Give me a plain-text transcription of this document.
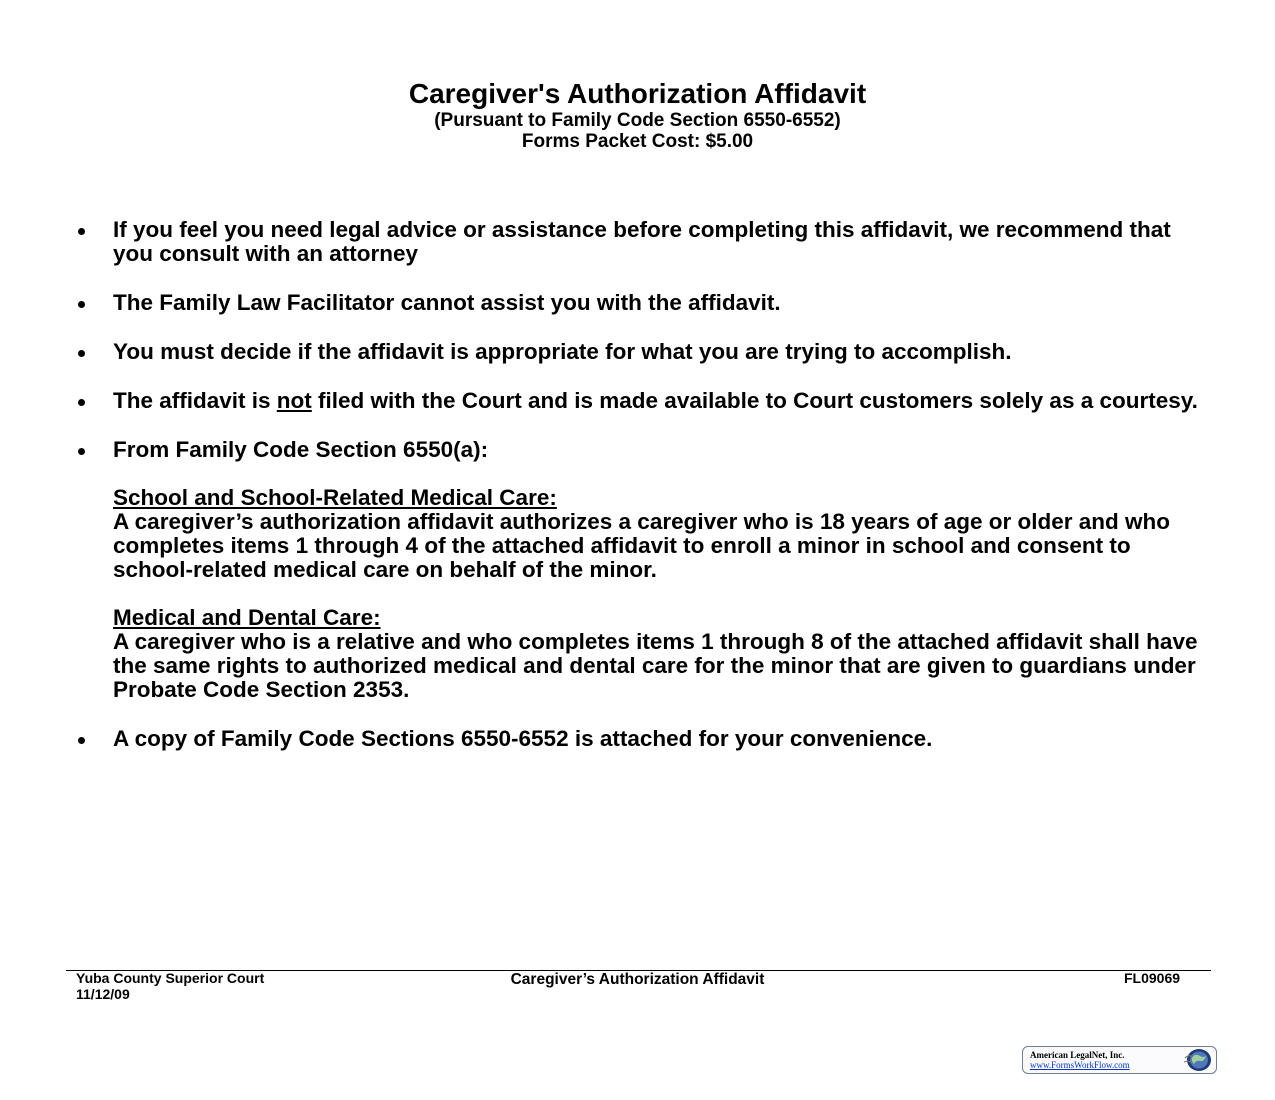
Caregiver's Authorization Affidavit
(Pursuant to Family Code Section 6550-6552)
Forms Packet Cost: $5.00
If you feel you need legal advice or assistance before completing this affidavit, we recommend that you consult with an attorney
The Family Law Facilitator cannot assist you with the affidavit.
You must decide if the affidavit is appropriate for what you are trying to accomplish.
The affidavit is not filed with the Court and is made available to Court customers solely as a courtesy.
From Family Code Section 6550(a):
School and School-Related Medical Care:
A caregiver’s authorization affidavit authorizes a caregiver who is 18 years of age or older and who completes items 1 through 4 of the attached affidavit to enroll a minor in school and consent to school-related medical care on behalf of the minor.
Medical and Dental Care:
A caregiver who is a relative and who completes items 1 through 8 of the attached affidavit shall have the same rights to authorized medical and dental care for the minor that are given to guardians under Probate Code Section 2353.
A copy of Family Code Sections 6550-6552 is attached for your convenience.
Yuba County Superior Court
11/12/09
Caregiver’s Authorization Affidavit	FL09069
American LegalNet, Inc.
www.FormsWorkFlow.com
